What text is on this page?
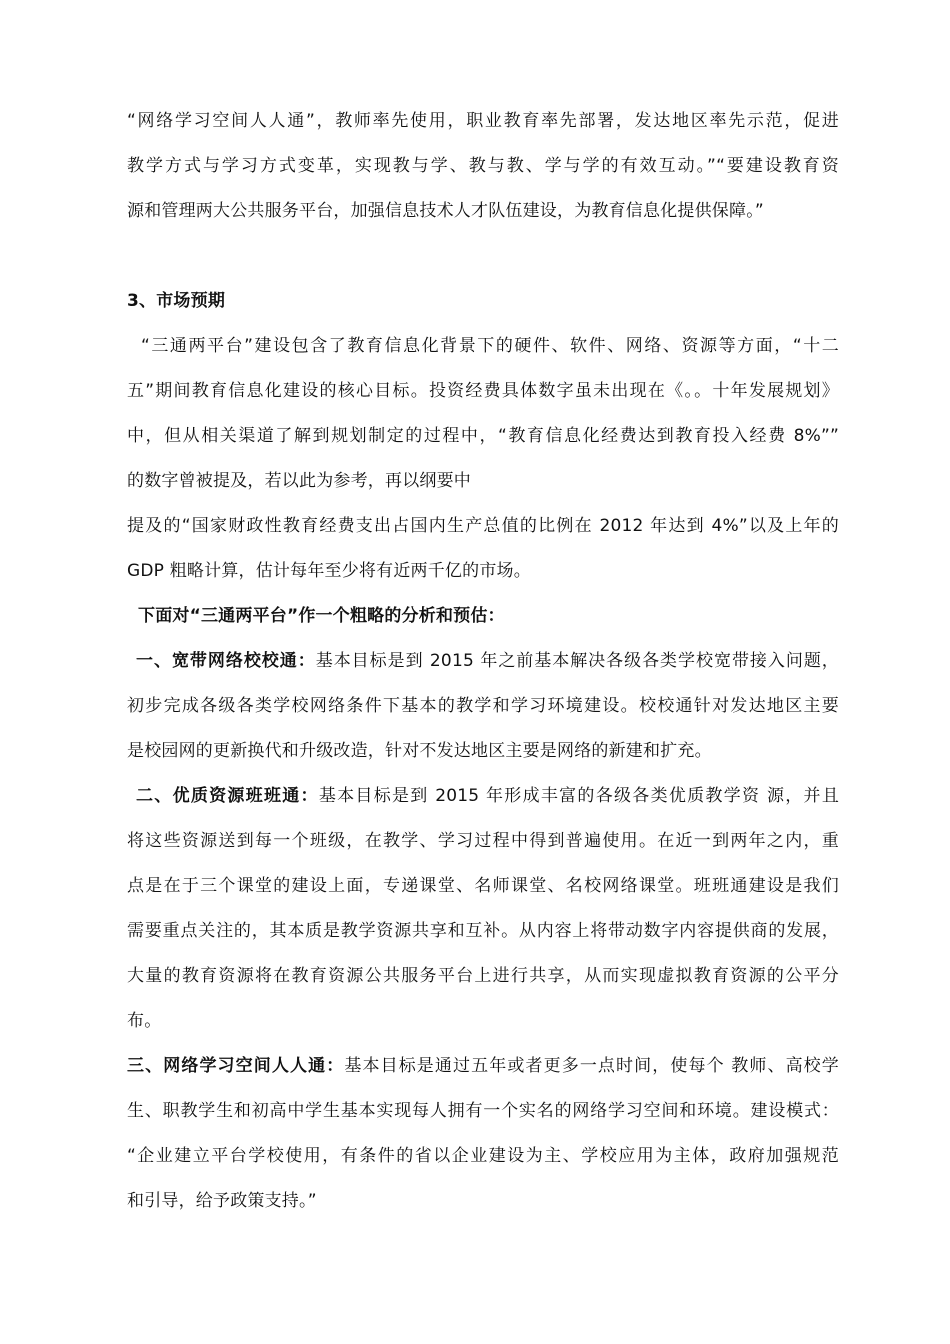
“网络学习空间人人通”，教师率先使用，职业教育率先部署，发达地区率先示范，促进
教学方式与学习方式变革，实现教与学、教与教、学与学的有效互动。”“要建设教育资
源和管理两大公共服务平台，加强信息技术人才队伍建设，为教育信息化提供保障。”
3、市场预期
“三通两平台”建设包含了教育信息化背景下的硬件、软件、网络、资源等方面，“十二
五”期间教育信息化建设的核心目标。投资经费具体数字虽未出现在《。。十年发展规划》
中，但从相关渠道了解到规划制定的过程中，“教育信息化经费达到教育投入经费 8%””
的数字曾被提及，若以此为参考，再以纲要中
提及的“国家财政性教育经费支出占国内生产总值的比例在 2012 年达到 4%”以及上年的
GDP 粗略计算，估计每年至少将有近两千亿的市场。
下面对“三通两平台”作一个粗略的分析和预估：
一、宽带网络校校通：基本目标是到 2015 年之前基本解决各级各类学校宽带接入问题，
初步完成各级各类学校网络条件下基本的教学和学习环境建设。校校通针对发达地区主要
是校园网的更新换代和升级改造，针对不发达地区主要是网络的新建和扩充。
二、优质资源班班通：基本目标是到 2015 年形成丰富的各级各类优质教学资 源，并且
将这些资源送到每一个班级，在教学、学习过程中得到普遍使用。在近一到两年之内，重
点是在于三个课堂的建设上面，专递课堂、名师课堂、名校网络课堂。班班通建设是我们
需要重点关注的，其本质是教学资源共享和互补。从内容上将带动数字内容提供商的发展，
大量的教育资源将在教育资源公共服务平台上进行共享，从而实现虚拟教育资源的公平分
布。
三、网络学习空间人人通：基本目标是通过五年或者更多一点时间，使每个 教师、高校学
生、职教学生和初高中学生基本实现每人拥有一个实名的网络学习空间和环境。建设模式：
“企业建立平台学校使用，有条件的省以企业建设为主、学校应用为主体，政府加强规范
和引导，给予政策支持。”
